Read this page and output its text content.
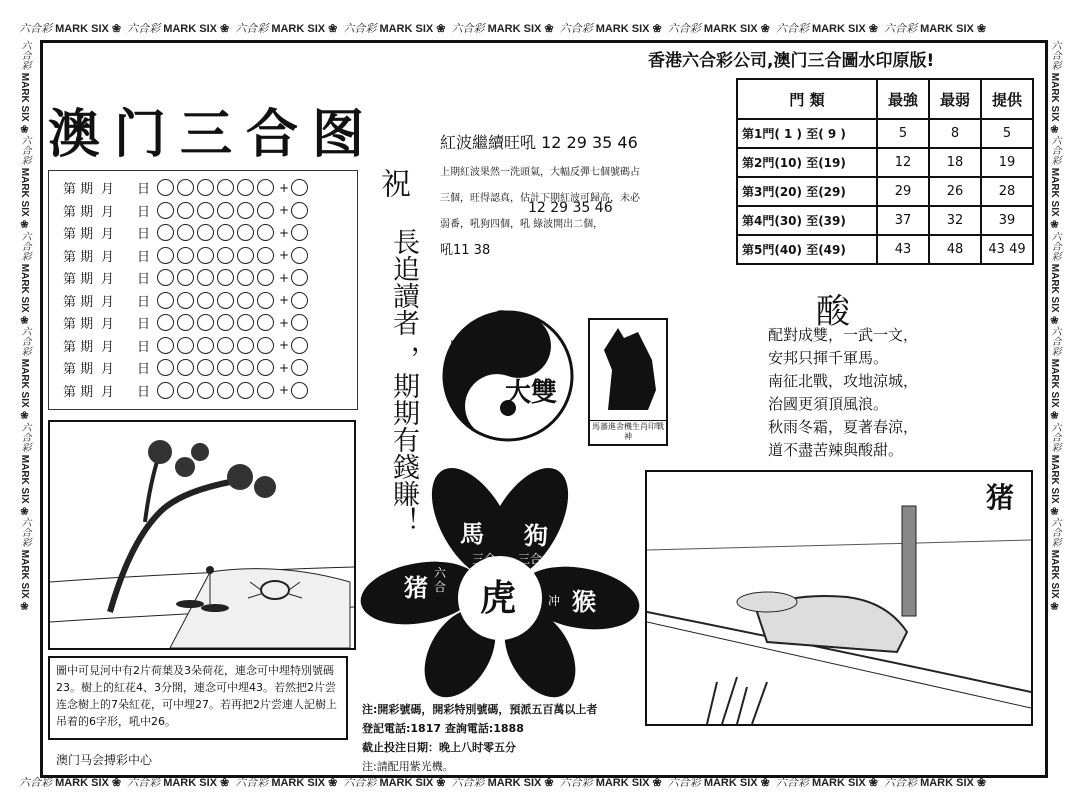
六合彩 MARK SIX ❀ 六合彩 MARK SIX ❀ 六合彩 MARK SIX ❀ 六合彩 MARK SIX ❀ 六合彩 MARK SIX ❀ 六合彩 MARK SIX ❀ 六合彩 MARK SIX ❀ 六合彩 MARK SIX ❀ 六合彩 MARK SIX ❀
六合彩 MARK SIX ❀ 六合彩 MARK SIX ❀ 六合彩 MARK SIX ❀ 六合彩 MARK SIX ❀ 六合彩 MARK SIX ❀ 六合彩 MARK SIX ❀ 六合彩 MARK SIX ❀ 六合彩 MARK SIX ❀ 六合彩 MARK SIX ❀
六合彩 MARK SIX ❀六合彩 MARK SIX ❀六合彩 MARK SIX ❀六合彩 MARK SIX ❀六合彩 MARK SIX ❀六合彩 MARK SIX ❀
六合彩 MARK SIX ❀六合彩 MARK SIX ❀六合彩 MARK SIX ❀六合彩 MARK SIX ❀六合彩 MARK SIX ❀六合彩 MARK SIX ❀
澳门三合图
香港六合彩公司,澳门三合圖水印原版!
第 期 月	日	+
第 期 月	日	+
第 期 月	日	+
第 期 月	日	+
第 期 月	日	+
第 期 月	日	+
第 期 月	日	+
第 期 月	日	+
第 期 月	日	+
第 期 月	日	+
祝
長追讀者
，期期有錢賺！
紅波繼續旺吼 12 29 35 46
上期紅波果然一洗頭氣，大幅反彈七個號碼占
三個，旺得認真，估計下期紅波可歸高，未必
弱番，吼狗四個，吼 綠波開出二個，
吼11 38
12 29 35 46
門 類	最強	最弱	提供
第1門( 1 ) 至( 9 )	5	8	5
第2門(10) 至(19)	12	18	19
第3門(20) 至(29)	29	26	28
第4門(30) 至(39)	37	32	39
第5門(40) 至(49)	43	48	43 49
馬
3
4
大雙
馬蕃進舍機生肖印戰神
酸
配對成雙，一武一文，
安邦只揮千軍馬。
南征北戰，攻地涼城，
治國更須頂風浪。
秋雨冬霜，夏著春涼，
道不盡苦辣與酸甜。
圖中可見河中有2片荷葉及3朵荷花，連念可中埋特別號碼23。樹上的紅花4、3分開，連念可中埋43。若然把2片尝连念樹上的7朵紅花，可中埋27。若再把2片尝連人記樹上吊着的6字形，吼中26。
馬 狗
三合 三合
猪
六合 虎	冲 猴
猪
注:開彩號碼，開彩特別號碼，預派五百萬以上者
登記電話:1817 查詢電話:1888
截止投注日期：晚上八时零五分
注:請配用紫光機。
澳门马会搏彩中心
